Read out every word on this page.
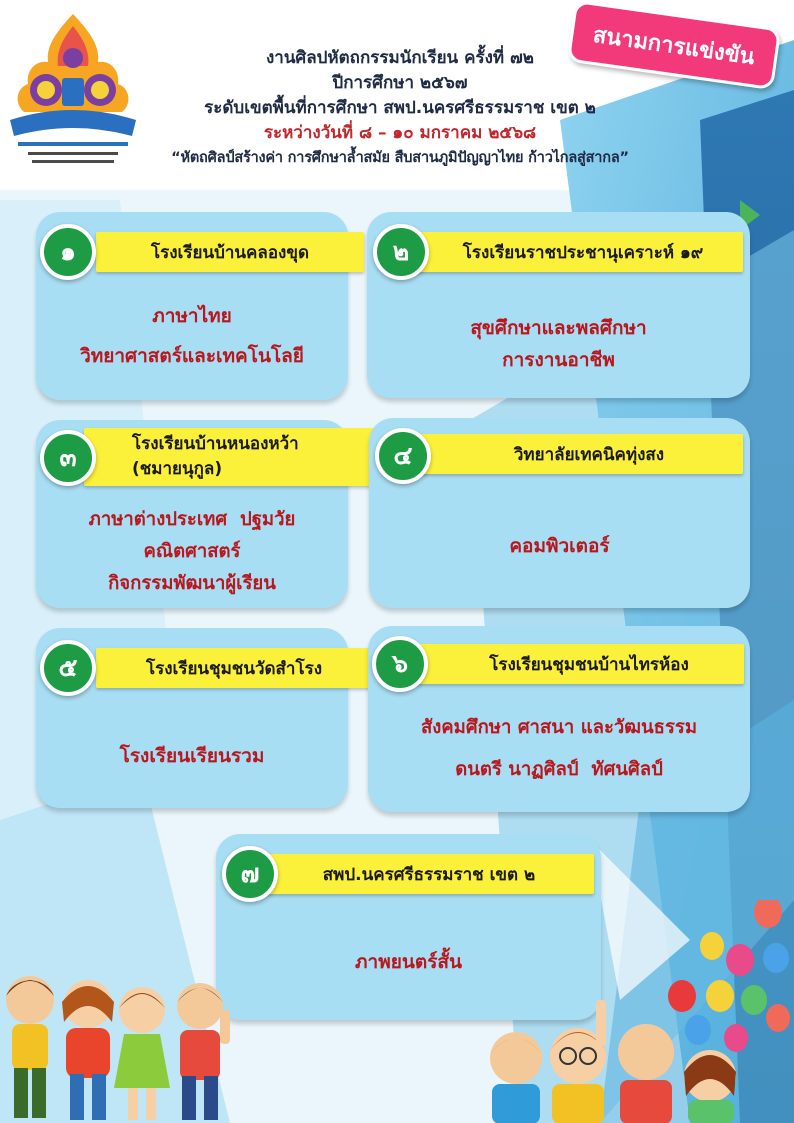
งานศิลปหัตถกรรมนักเรียน ครั้งที่ ๗๒
ปีการศึกษา ๒๕๖๗
ระดับเขตพื้นที่การศึกษา สพป.นครศรีธรรมราช เขต ๒
ระหว่างวันที่ ๘ – ๑๐ มกราคม ๒๕๖๘
“หัตถศิลป์สร้างค่า การศึกษาล้ำสมัย สืบสานภูมิปัญญาไทย ก้าวไกลสู่สากล”
สนามการแข่งขัน
โรงเรียนบ้านคลองขุด
๑
ภาษาไทย
วิทยาศาสตร์และเทคโนโลยี
โรงเรียนราชประชานุเคราะห์ ๑๙
๒
สุขศึกษาและพลศึกษา
การงานอาชีพ
โรงเรียนบ้านหนองหว้า
(ชมายนุกูล)
๓
ภาษาต่างประเทศ  ปฐมวัย
คณิตศาสตร์
กิจกรรมพัฒนาผู้เรียน
วิทยาลัยเทคนิคทุ่งสง
๔
คอมพิวเตอร์
โรงเรียนชุมชนวัดสำโรง
๕
โรงเรียนเรียนรวม
โรงเรียนชุมชนบ้านไทรห้อง
๖
สังคมศึกษา ศาสนา และวัฒนธรรม
ดนตรี นาฏศิลป์  ทัศนศิลป์
สพป.นครศรีธรรมราช เขต ๒
๗
ภาพยนตร์สั้น
